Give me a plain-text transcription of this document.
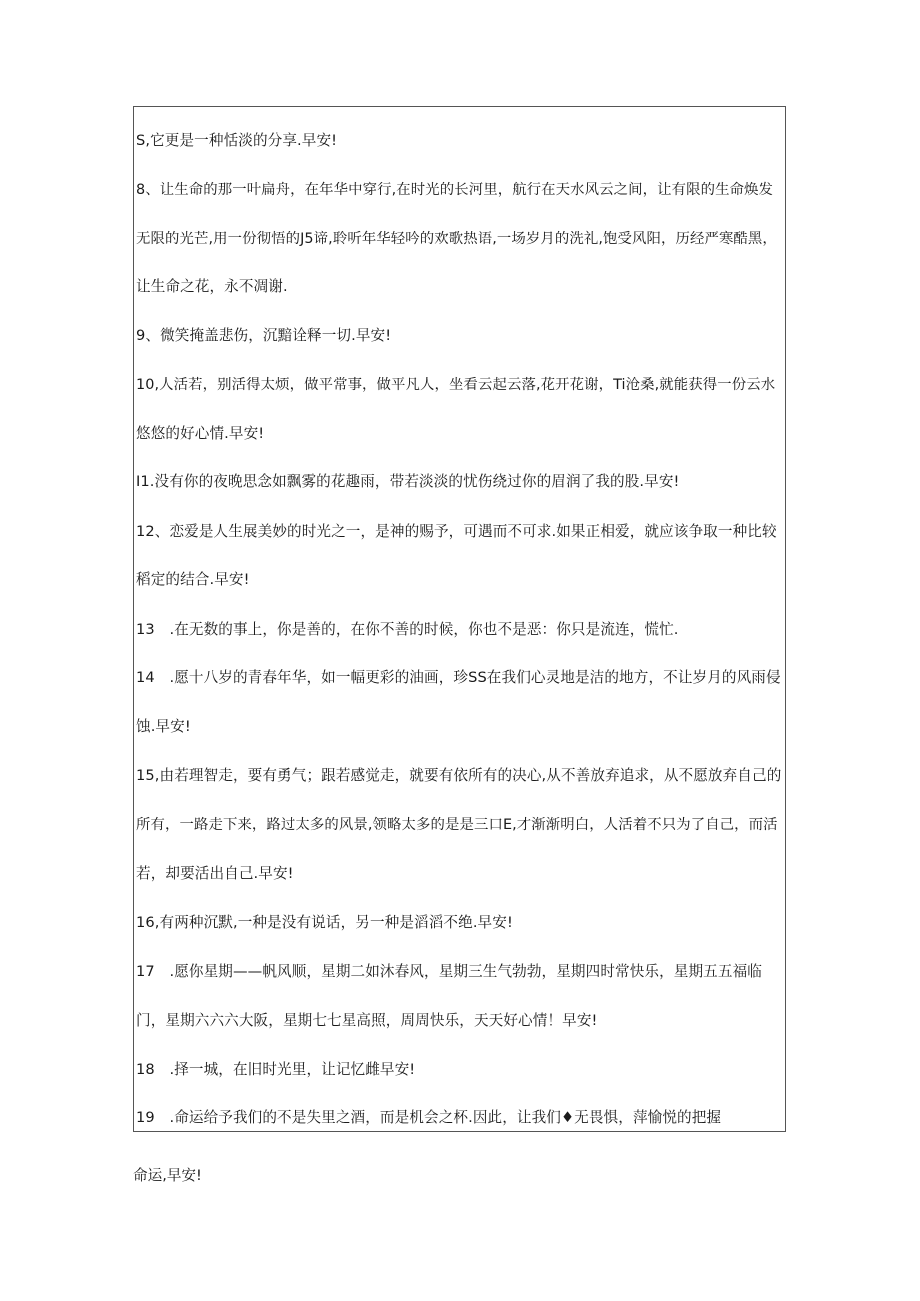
S,它更是一种恬淡的分享.早安!
8、让生命的那一叶扁舟，在年华中穿行,在时光的长河里，航行在天水风云之间，让有限的生命焕发
无限的光芒,用一份彻悟的J5谛,聆听年华轻吟的欢歌热语,一场岁月的洗礼,饱受风阳，历经严寒酷黑，
让生命之花，永不凋谢.
9、微笑掩盖悲伤，沉黯诠释一切.早安!
10,人活若，别活得太烦，做平常事，做平凡人，坐看云起云落,花开花谢，Ti沧桑,就能获得一份云水
悠悠的好心情.早安!
I1.没有你的夜晚思念如飘雾的花趣雨，带若淡淡的忧伤绕过你的眉润了我的股.早安!
12、恋爱是人生展美妙的时光之一，是神的赐予，可遇而不可求.如果正相爱，就应该争取一种比较
稻定的结合.早安!
13　.在无数的事上，你是善的，在你不善的时候，你也不是恶：你只是流连，慌忙.
14　.愿十八岁的青春年华，如一幅更彩的油画，珍SS在我们心灵地是洁的地方，不让岁月的风雨侵
蚀.早安!
15,由若理智走，要有勇气；跟若感觉走，就要有依所有的决心,从不善放弃追求，从不愿放弃自己的
所有，一路走下来，路过太多的风景,领略太多的是是三口E,才渐渐明白，人活着不只为了自己，而活
若，却要活出自己.早安!
16,有两种沉默,一种是没有说话，另一种是滔滔不绝.早安!
17　.愿你星期——帆风顺，星期二如沐春风，星期三生气勃勃，星期四时常快乐，星期五五福临
门，星期六六六大阪，星期七七星高照，周周快乐，天天好心情！早安!
18　.择一城，在旧时光里，让记忆雌早安!
19　.命运给予我们的不是失里之酒，而是机会之杯.因此，让我们♦无畏惧，萍愉悦的把握
命运,早安!
